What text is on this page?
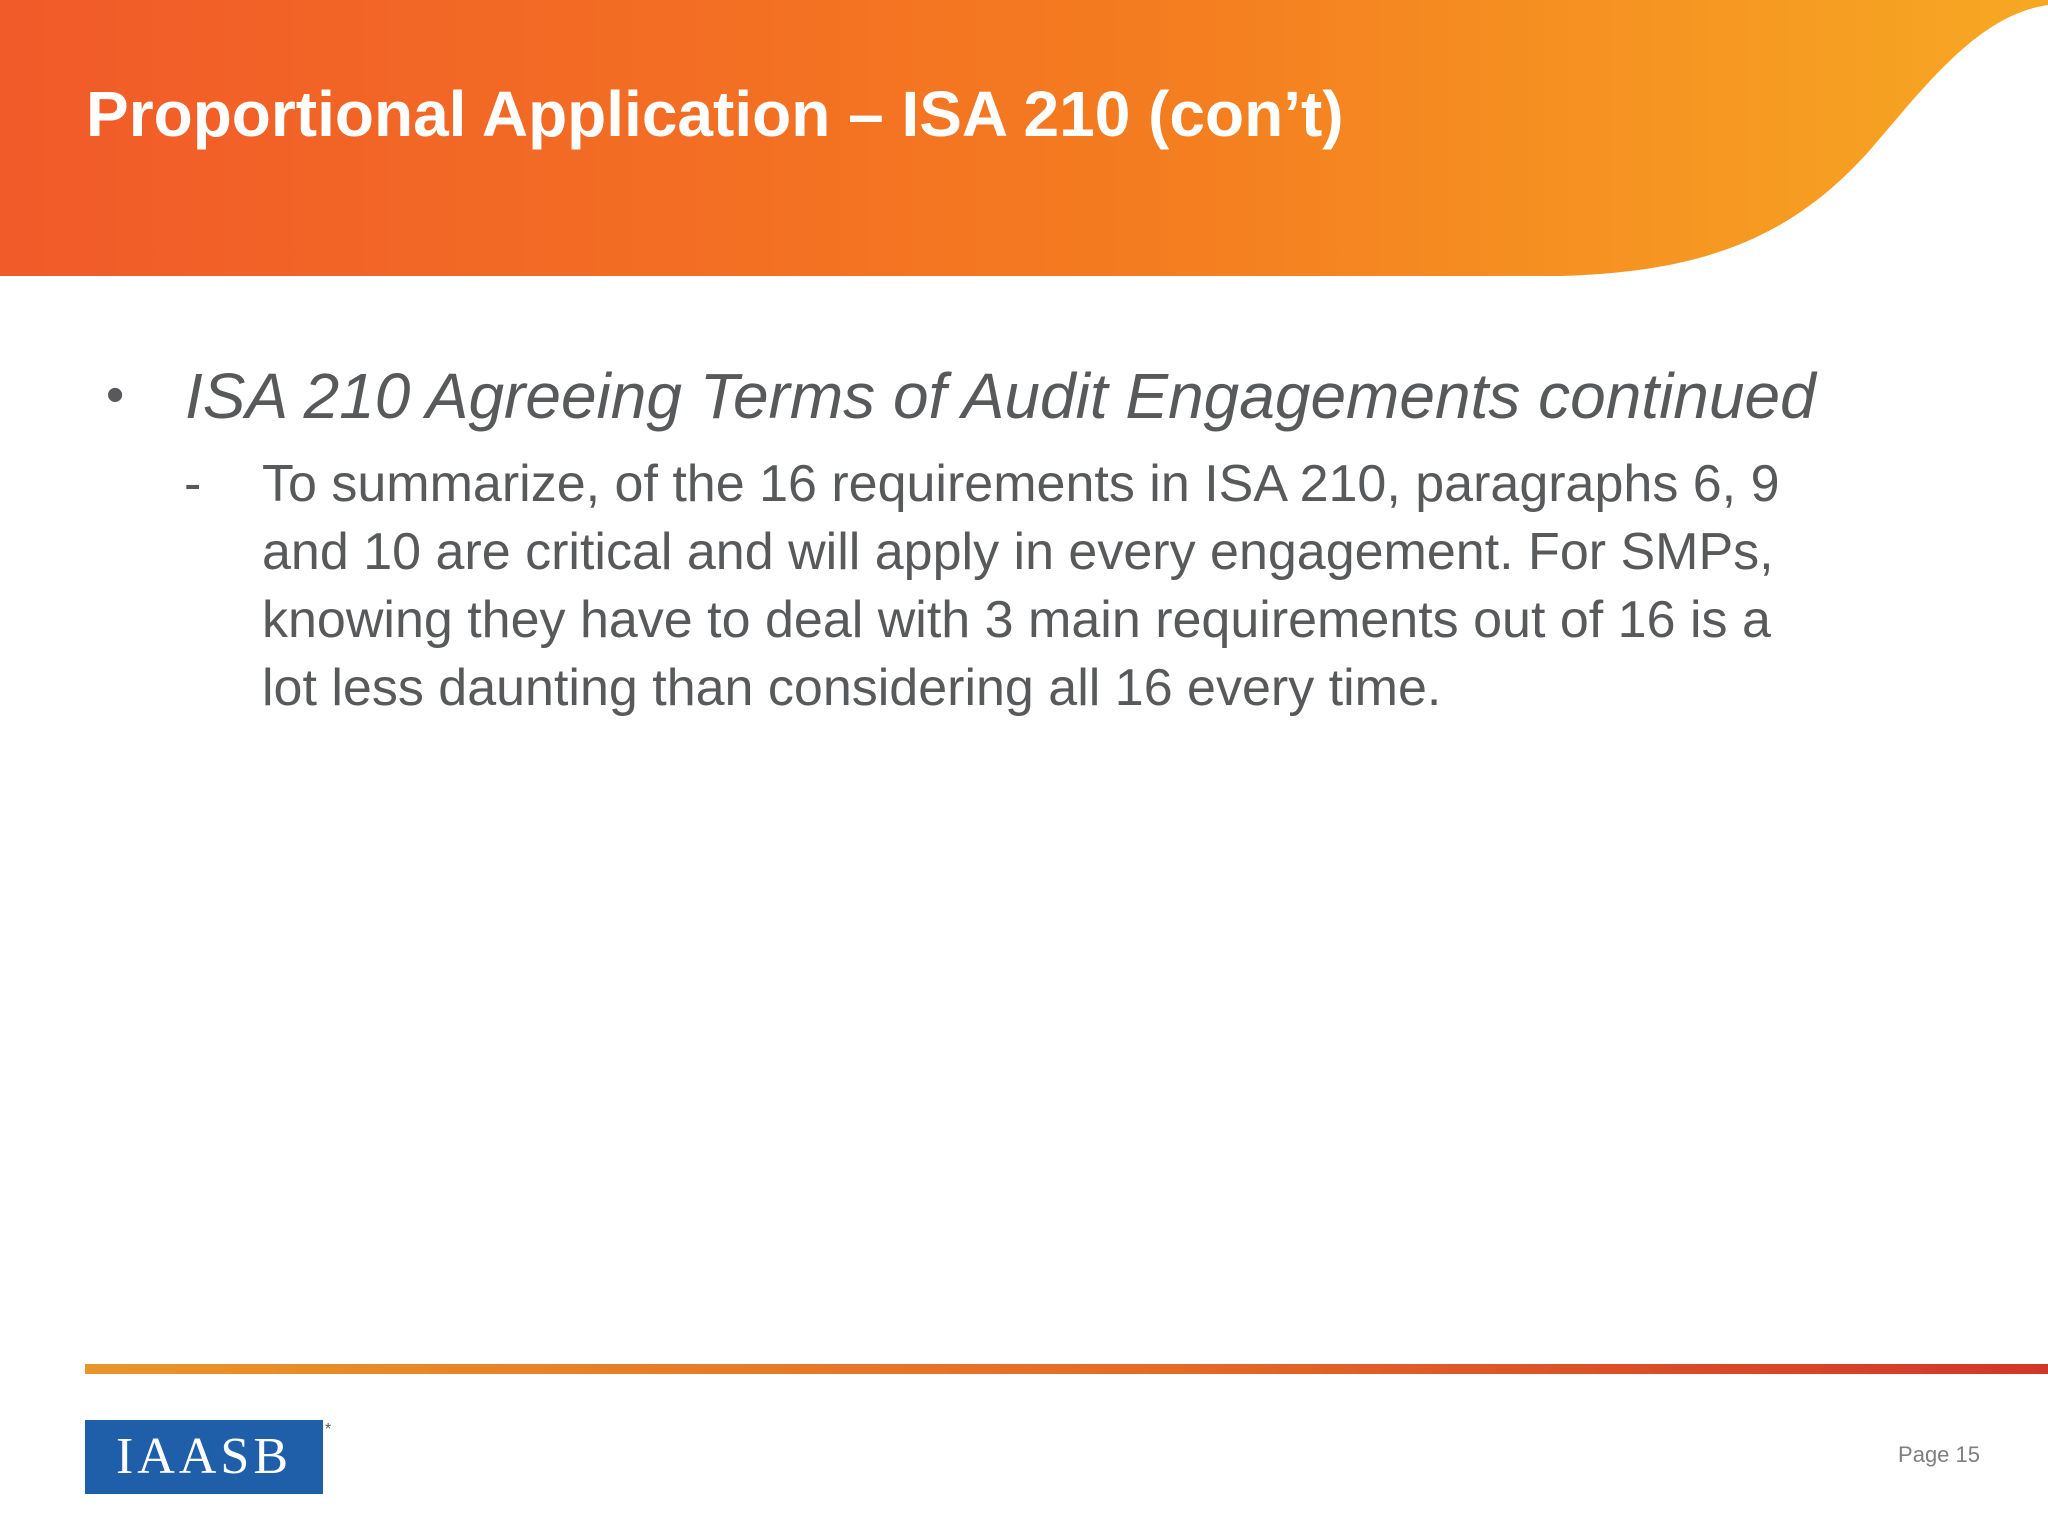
Proportional Application – ISA 210 (con’t)
• ISA 210 Agreeing Terms of Audit Engagements continued
- To summarize, of the 16 requirements in ISA 210, paragraphs 6, 9
and 10 are critical and will apply in every engagement. For SMPs,
knowing they have to deal with 3 main requirements out of 16 is a
lot less daunting than considering all 16 every time.
IAASB *
Page 15
